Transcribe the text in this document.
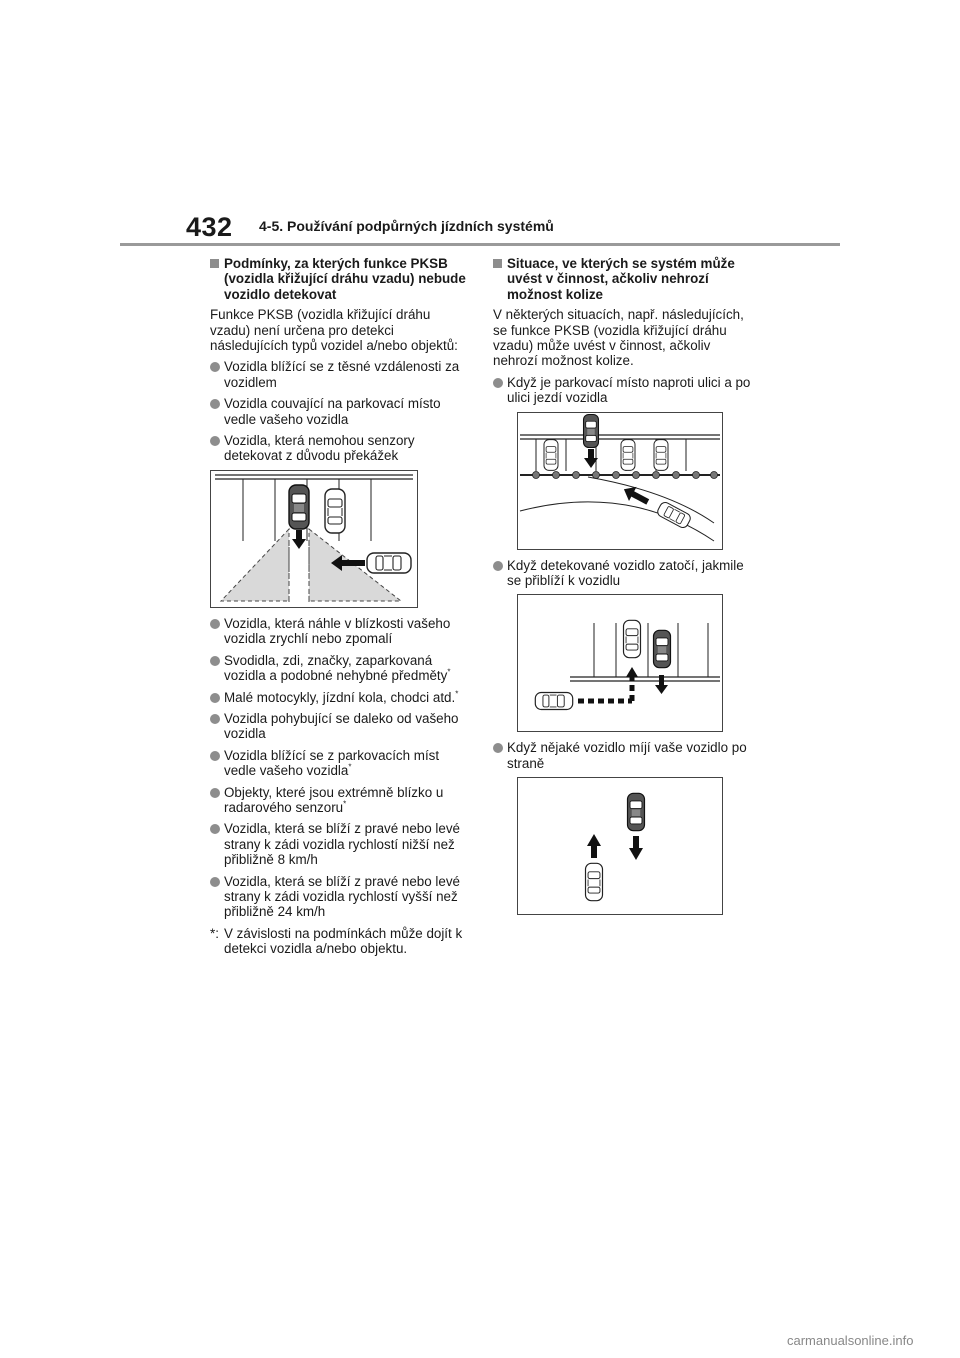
432 4-5. Používání podpůrných jízdních systémů
Podmínky, za kterých funkce PKSB (vozidla křižující dráhu vzadu) nebude vozidlo detekovat
Funkce PKSB (vozidla křižující dráhu vzadu) není určena pro detekci následujících typů vozidel a/nebo objektů:
Vozidla blížící se z těsné vzdálenosti za vozidlem
Vozidla couvající na parkovací místo vedle vašeho vozidla
Vozidla, která nemohou senzory detekovat z důvodu překážek
Vozidla, která náhle v blízkosti vašeho vozidla zrychlí nebo zpomalí
Svodidla, zdi, značky, zaparkovaná vozidla a podobné nehybné předměty*
Malé motocykly, jízdní kola, chodci atd.*
Vozidla pohybující se daleko od vašeho vozidla
Vozidla blížící se z parkovacích míst vedle vašeho vozidla*
Objekty, které jsou extrémně blízko u radarového senzoru*
Vozidla, která se blíží z pravé nebo levé strany k zádi vozidla rychlostí nižší než přibližně 8 km/h
Vozidla, která se blíží z pravé nebo levé strany k zádi vozidla rychlostí vyšší než přibližně 24 km/h
*: V závislosti na podmínkách může dojít k detekci vozidla a/nebo objektu.
Situace, ve kterých se systém může uvést v činnost, ačkoliv nehrozí možnost kolize
V některých situacích, např. následujících, se funkce PKSB (vozidla křižující dráhu vzadu) může uvést v činnost, ačkoliv nehrozí možnost kolize.
Když je parkovací místo naproti ulici a po ulici jezdí vozidla
Když detekované vozidlo zatočí, jakmile se přiblíží k vozidlu
Když nějaké vozidlo míjí vaše vozidlo po straně
carmanualsonline.info
